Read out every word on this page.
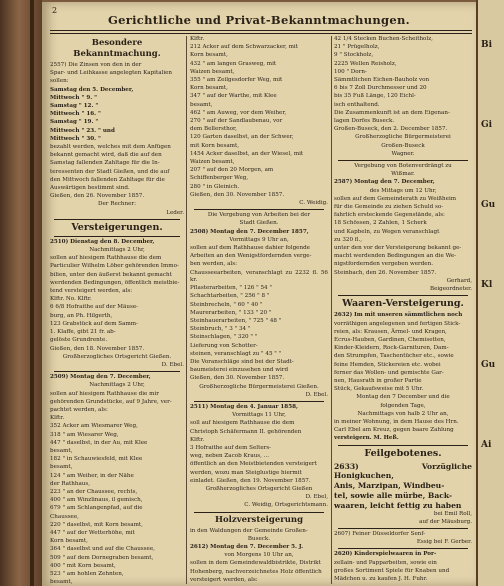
2
Gerichtliche und Privat-Bekanntmachungen.
Besondere Bekanntmachung.
2557) Die Zinsen von den in der
Spar- und Leihkasse angelegten Kapitalien
sollen:
Samstag den 5. December,
Mittwoch " 9. "
Samstag " 12. "
Mittwoch " 16. "
Samstag " 19. "
Mittwoch " 23. " und
Mittwoch " 30. "
bezahlt werden, welches mit dem Anfügen
bekannt gemacht wird, daß die auf den
Samstag fallenden Zahltage für die In-
teressenten der Stadt Gießen, und die auf
den Mittwoch fallenden Zahltage für die
Auswärtigen bestimmt sind.
Gießen, den 26. November 1857.
Der Rechner:
Leder.
Versteigerungen.
2510) Dienstag den 8. December,
Nachmittags 2 Uhr,
sollen auf hiesigem Rathhause die dem
Particulier Wilhelm Löber gehörenden Immo-
bilien, unter den äußerst bekannt gemacht
werdenden Bedingungen, öffentlich meistbie-
tend versteigert werden, als:
Klftr. No. Klftr.
6 6/8 Hofraithe auf der Mäuse-
burg, an Ph. Hilgerth,
123 Grabstück auf dem Samm-
1. Klaffe, gibt 21 fr. ab-
gelöste Grundrente.
Gießen, den 18. November 1857.
Großherzogliches Ortsgericht Gießen.
D. Ebel.
2509) Montag den 7. December,
Nachmittags 2 Uhr,
sollen auf hiesigem Rathhause die mir
gehörenden Grundstücke, auf 9 Jahre, ver-
pachtet werden, als:
Klftr.
352 Acker am Wiesmarer Weg,
318 " am Wiesarer Weg,
447 " daselbst, in der Au, mit Klee
besamt,
182 " in Schauwiesfeld, mit Klee
besamt,
124 " am Weiher, in der Nähe
der Rathhaus,
223 " an der Chaussee, rechts,
400 " am Winzlinaus, il gemisch,
679 " am Schlangenpfad, auf die
Chaussee,
220 " daselbst, mit Korn besamt,
447 " auf der Wetterhöhe, mit
Korn besamt,
364 " daselbst und auf die Chaussee,
509 " auf dem Dornegraben besamt,
400 " mit Korn besamt,
523 " am hohlen Zehnten,
besamt,
Klftr.
212 Acker auf dem Schwarzacker, mit
Korn besamt,
432 " am langen Grasweg, mit
Waizen besamt,
355 " am Zeilgesdorfer Weg, mit
Korn besamt,
347 " auf der Warthe, mit Klee
besamt,
462 " am Auweg, vor dem Weiher,
270 " auf der Sandlaubenau, vor
dem Bellersthor,
120 Garten daselbst, an der Schwer,
mit Korn besamt,
1454 Acker daselbst, an der Wiesel, mit
Waizen besamt,
207 " auf den 20 Morgen, am
Schiffenberger Weg,
280 " in Gleinich.
Gießen, den 30. November 1857.
C. Weidig.
Die Vergebung von Arbeiten bei der
Stadt Gießen.
2508) Montag den 7. December 1857,
Vormittags 9 Uhr an,
sollen auf dem Rathhause dahier folgende
Arbeiten an den Wenigstfordernden verge-
ben werden, als:
Chausseearbeiten, veranschlagt zu 2232 fl. 56 kr.
Pflasterarbeiten, " 126 " 54 "
Schachtarbeiten, " 256 " 8 "
Steinbrecheln, " 60 " 40 "
Maurerarbeiten, " 133 " 20 "
Steinhauerarbeiten, " 725 " 48 "
Steinbruch, " 3 " 34 "
Steinschlagen, " 320 " "
Lieferung von Schotter-
steinen, veranschlagt zu " 45 " "
Die Voranschläge sind bei der Stadt-
baumeisterei einzusehen und wird
Gießen, den 30. November 1857.
Großherzogliche Bürgermeisterei Gießen.
D. Ebel.
2511) Montag den 4. Januar 1858,
Vormittags 11 Uhr,
soll auf hiesigem Rathhause die dem
Christoph Schäfermann II. gehörenden
Klftr.
3 Hofraithe auf dem Selters-
weg, neben Zacob Kraus, ...
öffentlich an den Meistbietenden versteigert
werden, wozu man Steiglustige hiermit
einladet. Gießen, den 19. November 1857.
Großherzogliches Ortsgericht Gießen
D. Ebel,
C. Weidig, Ortsgerichtsmann.
Holzversteigerung
in den Waldungen der Gemeinde Großen-
Buseck.
2612) Montag den 7. December 5. J.
von Morgens 10 Uhr an,
sollen in dem Gemeindewaldbistrikte, Distrikt
Hohenberg, nachverzeichnetes Holz öffentlich
versteigert werden, als:
42 1/4 Stecken Buchen-Scheitholz,
21 " Prügelholz,
9 " Stockholz,
2225 Wellen Reisholz,
100 " Dorn-
Sämmtlichen Eichen-Bauholz von
6 bis 7 Zoll Durchmesser und 20
bis 35 Fuß Länge, 120 Eichl-
isch enthaltend.
Die Zusammenkunft ist an dem Eigenan-
lagen Dorfes Buseck.
Großen-Buseck, den 2. December 1857.
Großherzogliche Bürgermeisterei
Großen-Buseck
Wagner.
Vergebung von Botenverdrängt zu
Wißmar.
2587) Montag den 7. December,
des Mittags um 12 Uhr,
sollen auf dem Gemeinderath zu Weißheim
für die Gemeinde zu ziehen Schuld so-
fahrlich ersteckende Gegenstände, als:
18 Schössen, 2 Zahlen, 1 Scherk
und Kapbeln, zu Wegen veranschlagt
zu 320 fl.,
unter den vor der Versteigerung bekannt ge-
macht werdenden Bedingungen an die We-
nigstfordernden vergeben werden.
Steinbach, den 26. November 1857.
Gerhard,
Beigeordneter.
Waaren-Versteigerung.
2632) Im mit unseren sämmtlichen noch
vorräthigen angelegenen und fertigen Stick-
reien, als: Krausen, Ärmel- und Kragen,
Ecrus-Hauben, Gardinen, Chemisetten,
Kinder-Kleidern, Rock-Garnituren, Dam-
den Strumpfen, Taschentücher etc., sowie
feine Hemden, Stickereien etc. wobei
ferner das Wollen- und gemischte Gar-
nen, Hausrath in großer Partie
Stück, Gekaufsweise mit 5 Uhr.
Montag den 7 December und die
folgenden Tage,
Nachmittags von halb 2 Uhr an,
in meiner Wohnung, in dem Hause des Hrn.
Carl Ebel am Kreuz, gegen baare Zahlung
versteigern. M. Heß.
Feilgebotenes.
2633) Vorzügliche Honigkuchen,
Anis, Marzipan, Windbeu-
tel, sowie alle mürbe, Back-
waaren, leicht fettig zu haben
bei Emil Roll,
auf der Mäusburg.
2607) Feiner Düsseldorfer Senf-
Essig bei F. Gerber.
2620) Kinderspielwaaren in Por-
zellain- und Papparbeiten, sowie ein
großes Sortiment Spiele für Knaben und
Mädchen u. zu kaufen J. H. Fuhr.
Bi
Gi
Gu
Kl
Gu
Ai
